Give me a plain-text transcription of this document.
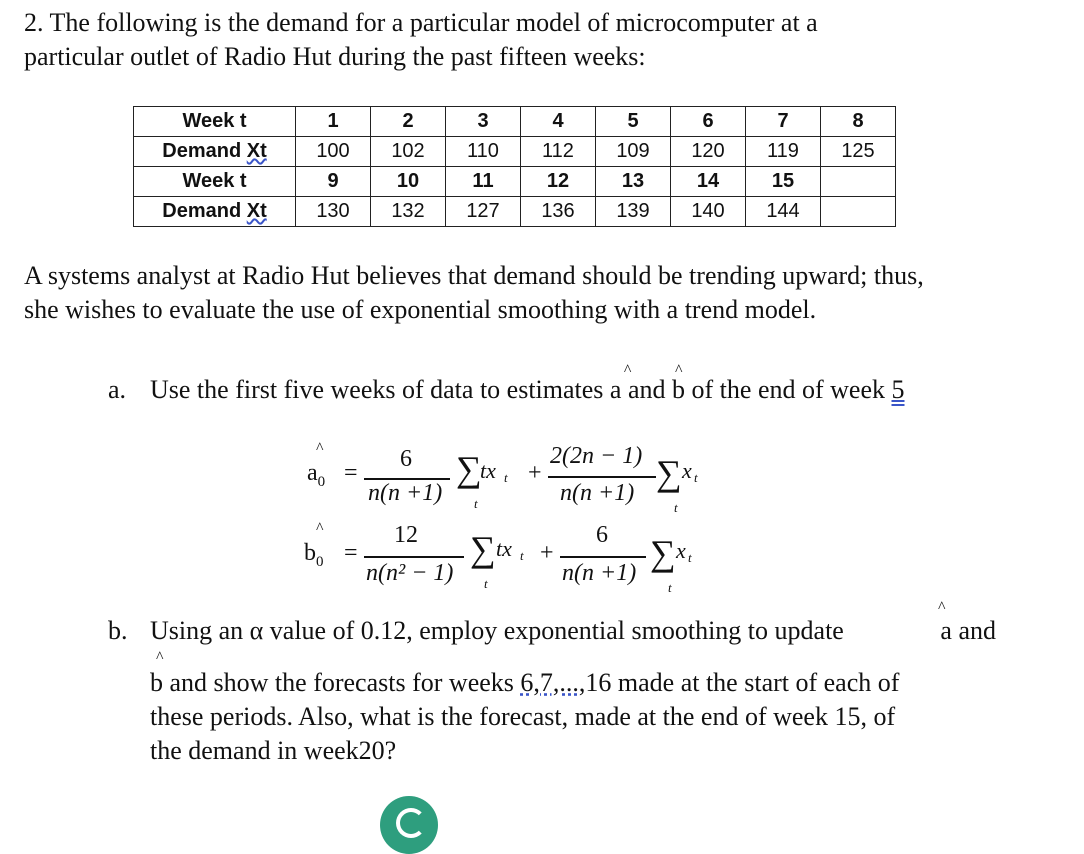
2. The following is the demand for a particular model of microcomputer at a
particular outlet of Radio Hut during the past fifteen weeks:
Week t	1	2	3	4	5	6	7	8
Demand Xt	100	102	110	112	109	120	119	125
Week t	9	10	11	12	13	14	15	
Demand Xt	130	132	127	136	139	140	144	
A systems analyst at Radio Hut believes that demand should be trending upward; thus,
she wishes to evaluate the use of exponential smoothing with a trend model.
a. Use the first five weeks of data to estimates
^
a and
^
b of the end of week 5
^
$a_0$ =
6
n(n +1)
∑
tx t
t
+
2(2n − 1)
n(n +1) ∑ x t
t
^
$b_0$ =
12
n(n² − 1)
∑ tx t
t
+
6
n(n +1) ∑ x t
t
b.
^
Using an α value of 0.12, employ exponential smoothing to update	a and
^
b and show the forecasts for weeks 6,7,...,16 made at the start of each of
these periods. Also, what is the forecast, made at the end of week 15, of
the demand in week20?
